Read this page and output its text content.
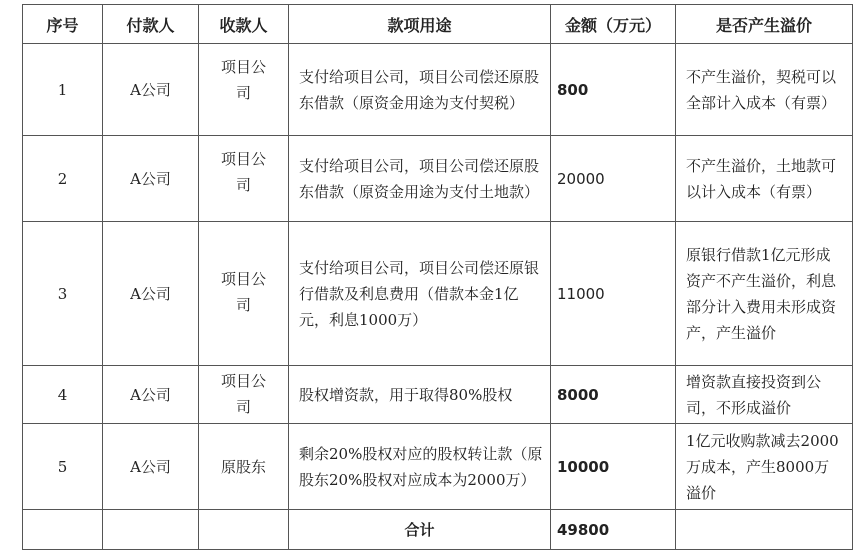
序号	付款人	收款人	款项用途	金额（万元）	是否产生溢价
1	A公司	项目公司	支付给项目公司，项目公司偿还原股东借款（原资金用途为支付契税）	800	不产生溢价，契税可以全部计入成本（有票）
2	A公司	项目公司	支付给项目公司，项目公司偿还原股东借款（原资金用途为支付土地款）	20000	不产生溢价，土地款可以计入成本（有票）
3	A公司	项目公司	支付给项目公司，项目公司偿还原银行借款及利息费用（借款本金1亿元，利息1000万）	11000	原银行借款1亿元形成资产不产生溢价，利息部分计入费用未形成资产，产生溢价
4	A公司	项目公司	股权增资款，用于取得80%股权	8000	增资款直接投资到公司，不形成溢价
5	A公司	原股东	剩余20%股权对应的股权转让款（原股东20%股权对应成本为2000万）	10000	1亿元收购款减去2000万成本，产生8000万溢价
			合计	49800	
